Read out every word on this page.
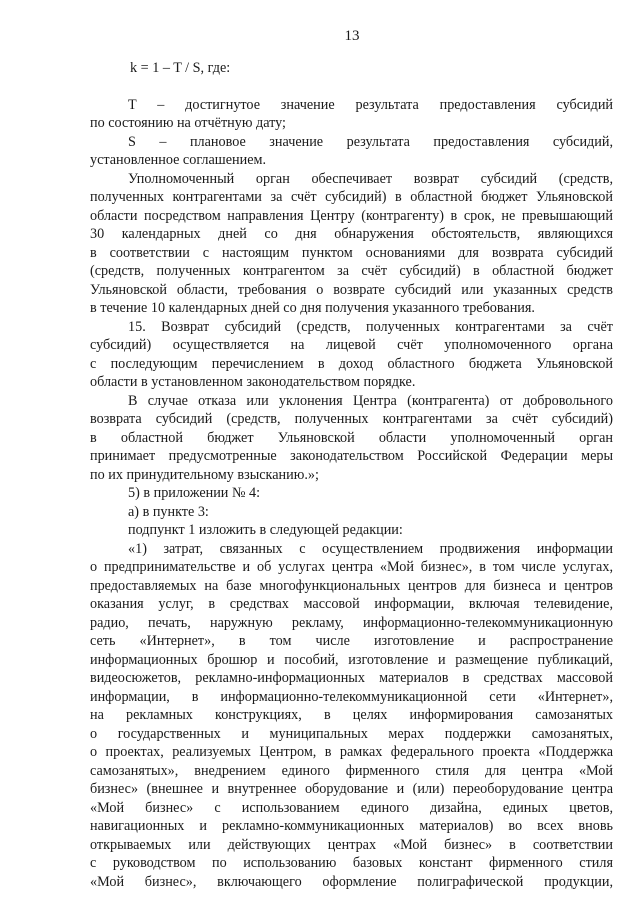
13
k = 1 – T / S, где:
T – достигнутое значение результата предоставления субсидий
по состоянию на отчётную дату;
S – плановое значение результата предоставления субсидий,
установленное соглашением.
Уполномоченный орган обеспечивает возврат субсидий (средств,
полученных контрагентами за счёт субсидий) в областной бюджет Ульяновской
области посредством направления Центру (контрагенту) в срок, не превышающий
30 календарных дней со дня обнаружения обстоятельств, являющихся
в соответствии с настоящим пунктом основаниями для возврата субсидий
(средств, полученных контрагентом за счёт субсидий) в областной бюджет
Ульяновской области, требования о возврате субсидий или указанных средств
в течение 10 календарных дней со дня получения указанного требования.
15. Возврат субсидий (средств, полученных контрагентами за счёт
субсидий) осуществляется на лицевой счёт уполномоченного органа
с последующим перечислением в доход областного бюджета Ульяновской
области в установленном законодательством порядке.
В случае отказа или уклонения Центра (контрагента) от добровольного
возврата субсидий (средств, полученных контрагентами за счёт субсидий)
в областной бюджет Ульяновской области уполномоченный орган
принимает предусмотренные законодательством Российской Федерации меры
по их принудительному взысканию.»;
5) в приложении № 4:
а) в пункте 3:
подпункт 1 изложить в следующей редакции:
«1) затрат, связанных с осуществлением продвижения информации
о предпринимательстве и об услугах центра «Мой бизнес», в том числе услугах,
предоставляемых на базе многофункциональных центров для бизнеса и центров
оказания услуг, в средствах массовой информации, включая телевидение,
радио, печать, наружную рекламу, информационно-телекоммуникационную
сеть «Интернет», в том числе изготовление и распространение
информационных брошюр и пособий, изготовление и размещение публикаций,
видеосюжетов, рекламно-информационных материалов в средствах массовой
информации, в информационно-телекоммуникационной сети «Интернет»,
на рекламных конструкциях, в целях информирования самозанятых
о государственных и муниципальных мерах поддержки самозанятых,
о проектах, реализуемых Центром, в рамках федерального проекта «Поддержка
самозанятых», внедрением единого фирменного стиля для центра «Мой
бизнес» (внешнее и внутреннее оборудование и (или) переоборудование центра
«Мой бизнес» с использованием единого дизайна, единых цветов,
навигационных и рекламно-коммуникационных материалов) во всех вновь
открываемых или действующих центрах «Мой бизнес» в соответствии
с руководством по использованию базовых констант фирменного стиля
«Мой бизнес», включающего оформление полиграфической продукции,
